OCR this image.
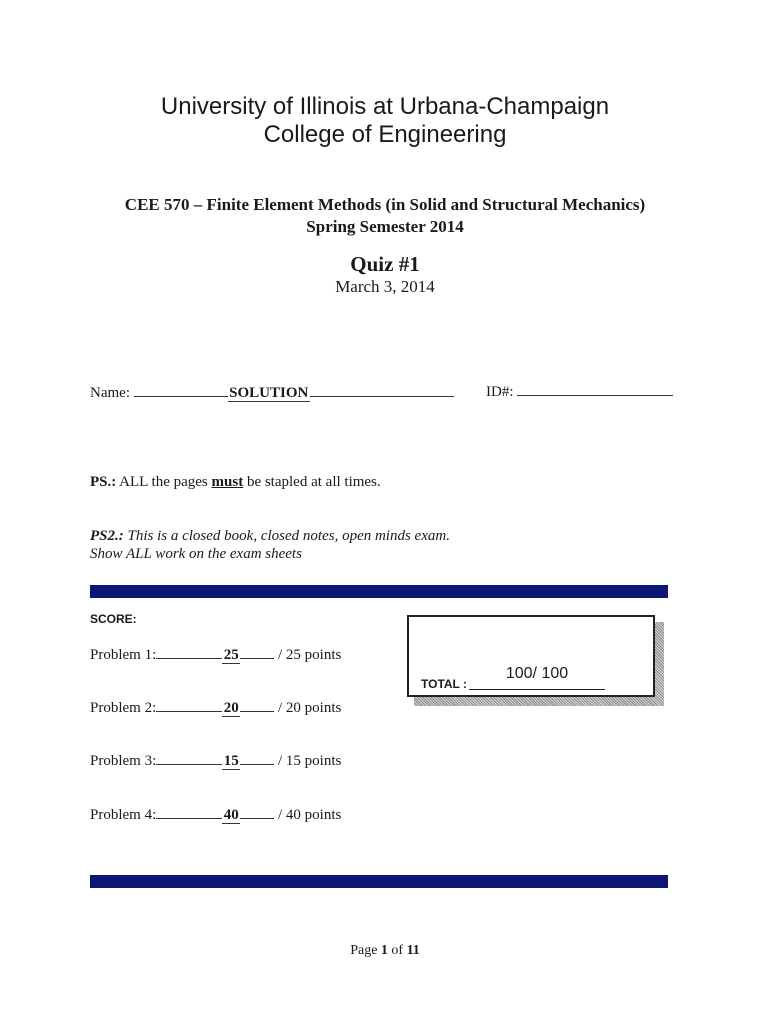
University of Illinois at Urbana-Champaign
College of Engineering
CEE 570 – Finite Element Methods (in Solid and Structural Mechanics)
Spring Semester 2014
Quiz #1
March 3, 2014
Name:	SOLUTION	ID#:
PS.: ALL the pages must be stapled at all times.
PS2.: This is a closed book, closed notes, open minds exam.
Show ALL work on the exam sheets
SCORE:
Problem 1:	25 / 25 points
Problem 2:	20 / 20 points
Problem 3:	15 / 15 points
Problem 4:	40 / 40 points
100/ 100
TOTAL :
Page 1 of 11
